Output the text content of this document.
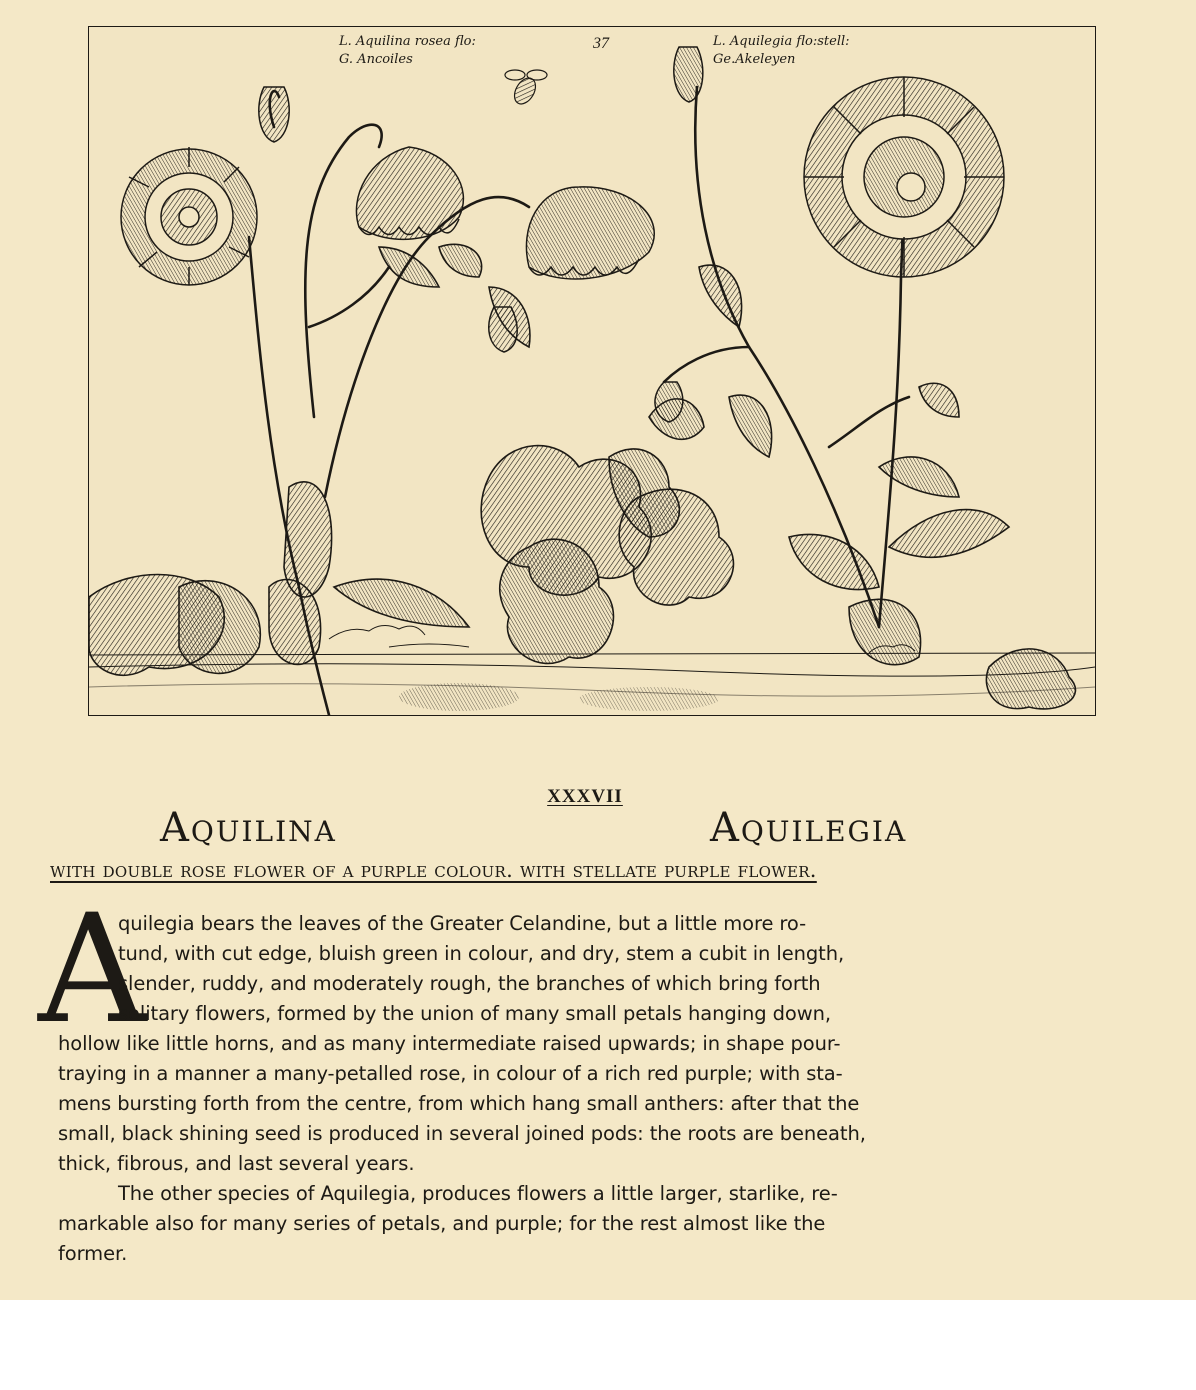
L. Aquilina rosea flo:
G. Ancoiles
37	L. Aquilegia flo:stell:
Ge.Akeleyen
XXXVII
Aquilina	Aquilegia
with double rose flower of a purple colour. with stellate purple flower.
A
quilegia bears the leaves of the Greater Celandine, but a little more ro-
tund, with cut edge, bluish green in colour, and dry, stem a cubit in length,
slender, ruddy, and moderately rough, the branches of which bring forth
solitary flowers, formed by the union of many small petals hanging down,
hollow like little horns, and as many intermediate raised upwards; in shape pour-
traying in a manner a many-petalled rose, in colour of a rich red purple; with sta-
mens bursting forth from the centre, from which hang small anthers: after that the
small, black shining seed is produced in several joined pods: the roots are beneath,
thick, fibrous, and last several years.
The other species of Aquilegia, produces flowers a little larger, starlike, re-
markable also for many series of petals, and purple; for the rest almost like the
former.
